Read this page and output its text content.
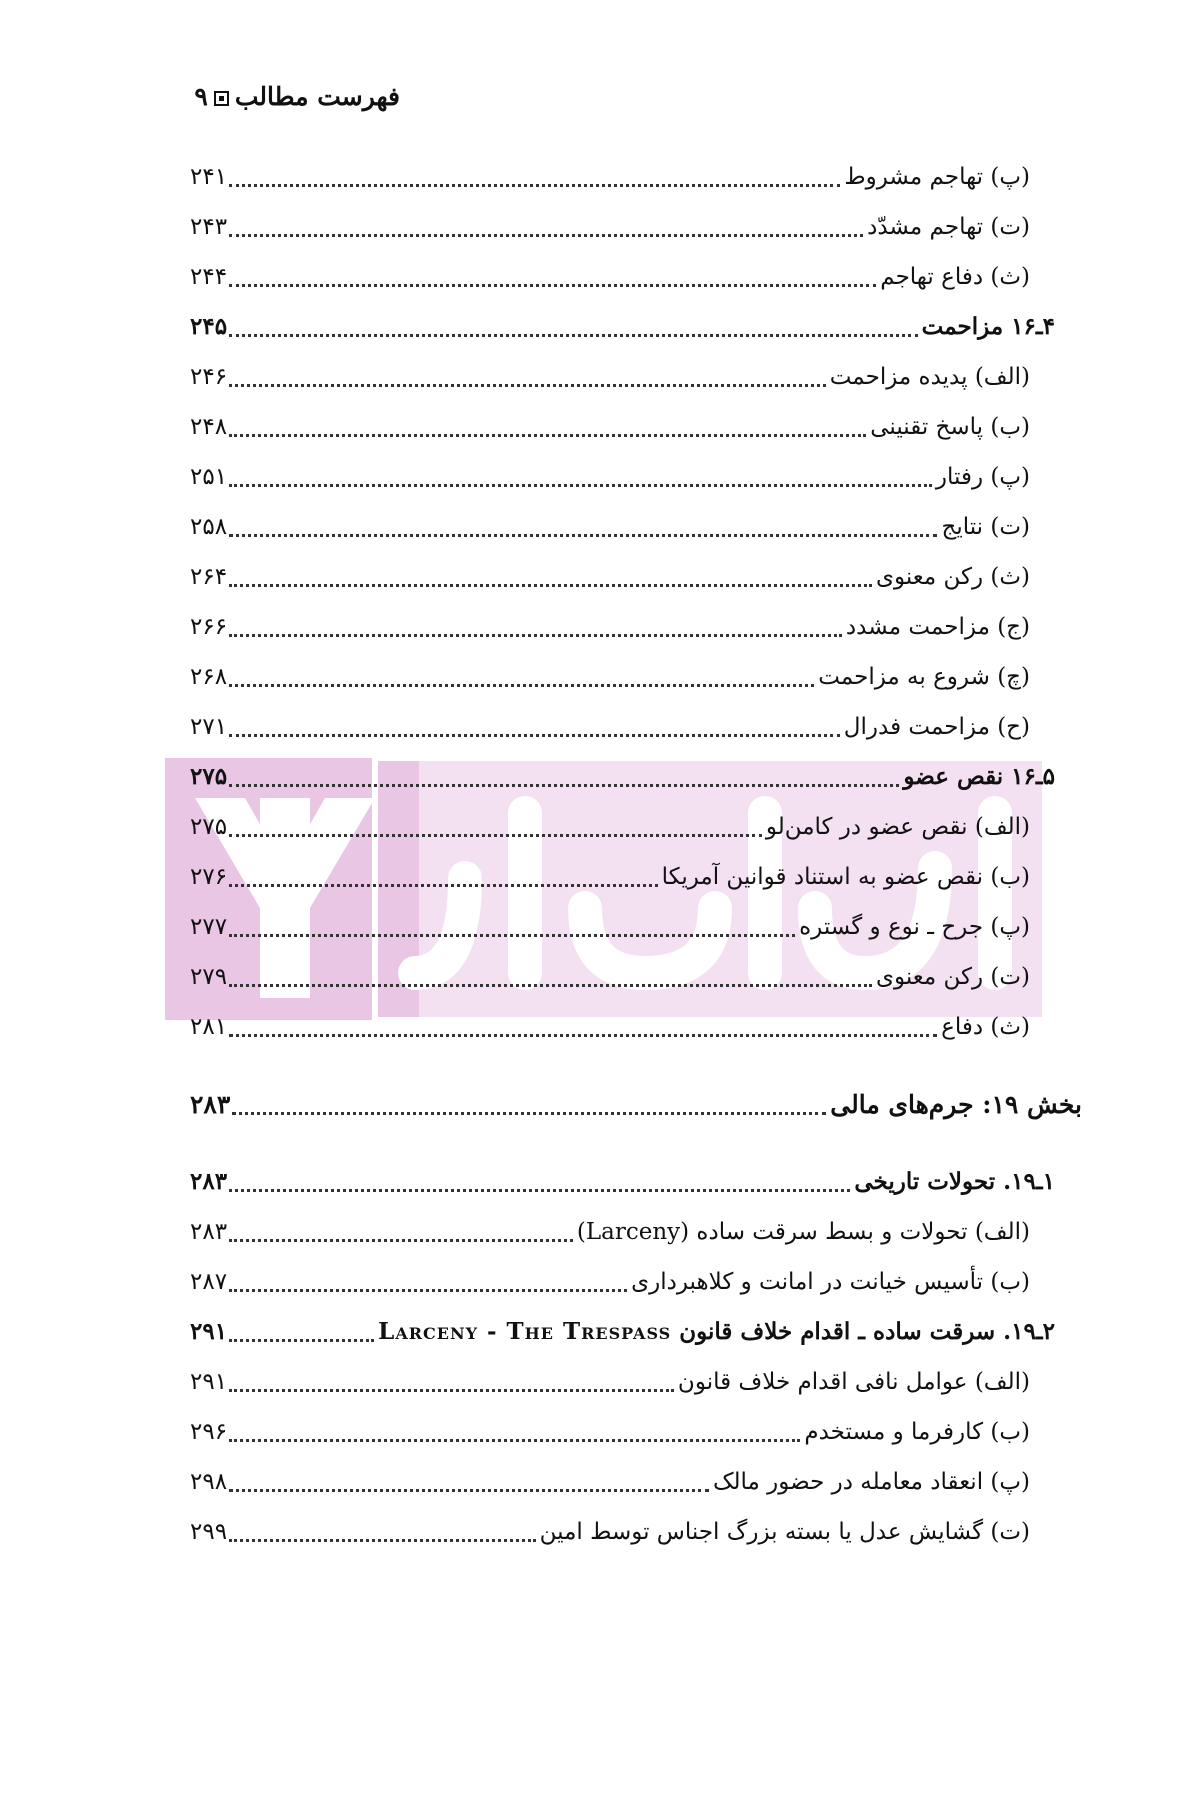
فهرست مطالب۹
(پ) تهاجم مشروط
۲۴۱
(ت) تهاجم مشدّد
۲۴۳
(ث) دفاع تهاجم
۲۴۴
۴ـ۱۶ مزاحمت
۲۴۵
(الف) پدیده مزاحمت
۲۴۶
(ب) پاسخ تقنینی
۲۴۸
(پ) رفتار
۲۵۱
(ت) نتایج
۲۵۸
(ث) رکن معنوی
۲۶۴
(ج) مزاحمت مشدد
۲۶۶
(چ) شروع به مزاحمت
۲۶۸
(ح) مزاحمت فدرال
۲۷۱
۵ـ۱۶ نقص عضو
۲۷۵
(الف) نقص عضو در کامن‌لو
۲۷۵
(ب) نقص عضو به استناد قوانین آمریکا
۲۷۶
(پ) جرح ـ نوع و گستره
۲۷۷
(ت) رکن معنوی
۲۷۹
(ث) دفاع
۲۸۱
بخش ۱۹: جرم‌های مالی
۲۸۳
۱ـ۱۹. تحولات تاریخی
۲۸۳
(الف) تحولات و بسط سرقت ساده (Larceny)
۲۸۳
(ب) تأسیس خیانت در امانت و کلاهبرداری
۲۸۷
۲ـ۱۹. سرقت ساده ـ اقدام خلاف قانون Larceny - The Trespass
۲۹۱
(الف) عوامل نافی اقدام خلاف قانون
۲۹۱
(ب) کارفرما و مستخدم
۲۹۶
(پ) انعقاد معامله در حضور مالک
۲۹۸
(ت) گشایش عدل یا بسته بزرگ اجناس توسط امین
۲۹۹
